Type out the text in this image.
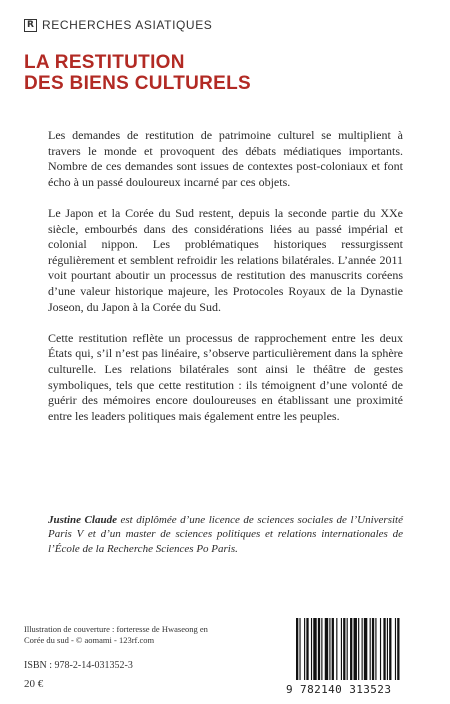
R RECHERCHES ASIATIQUES
LA RESTITUTION
DES BIENS CULTURELS

Les demandes de restitution de patrimoine culturel se multiplient à travers le monde et provoquent des débats médiatiques importants. Nombre de ces demandes sont issues de contextes post-coloniaux et font écho à un passé douloureux incarné par ces objets.

Le Japon et la Corée du Sud restent, depuis la seconde partie du XXe siècle, embourbés dans des considérations liées au passé impérial et colonial nippon. Les problématiques historiques ressurgissent régulièrement et semblent refroidir les relations bilatérales. L’année 2011 voit pourtant aboutir un processus de restitution des manuscrits coréens d’une valeur historique majeure, les Protocoles Royaux de la Dynastie Joseon, du Japon à la Corée du Sud.

Cette restitution reflète un processus de rapprochement entre les deux États qui, s’il n’est pas linéaire, s’observe particulièrement dans la sphère culturelle. Les relations bilatérales sont ainsi le théâtre de gestes symboliques, tels que cette restitution : ils témoignent d’une volonté de guérir des mémoires encore douloureuses en établissant une proximité entre les leaders politiques mais également entre les peuples.

Justine Claude est diplômée d’une licence de sciences sociales de l’Université Paris V et d’un master de sciences politiques et relations internationales de l’École de la Recherche Sciences Po Paris.
Illustration de couverture : forteresse de Hwaseong en Corée du sud - © aomami - 123rf.com
ISBN : 978-2-14-031352-3
20 €	9 782140 313523
